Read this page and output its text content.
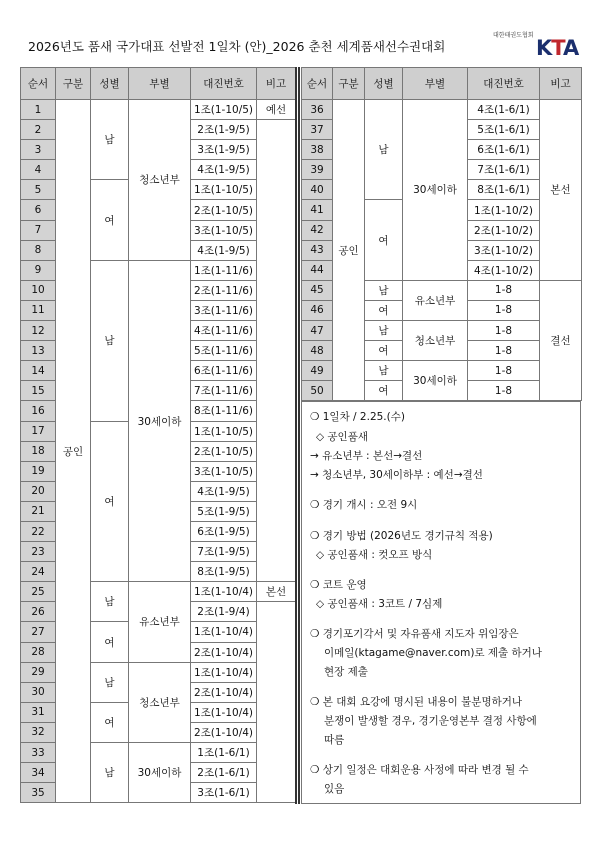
2026년도 품새 국가대표 선발전 1일차 (안)_2026 춘천 세계품새선수권대회
대한태권도협회
KTA
순서	구분	성별	부별	대진번호	비고
1	공인	남	청소년부	1조(1-10/5)	예선
2				2조(1-9/5)	
3				3조(1-9/5)	
4				4조(1-9/5)	
5		여		1조(1-10/5)	
6				2조(1-10/5)	
7				3조(1-10/5)	
8				4조(1-9/5)	
9		남	30세이하	1조(1-11/6)	
10				2조(1-11/6)	
11				3조(1-11/6)	
12				4조(1-11/6)	
13				5조(1-11/6)	
14				6조(1-11/6)	
15				7조(1-11/6)	
16				8조(1-11/6)	
17		여		1조(1-10/5)	
18				2조(1-10/5)	
19				3조(1-10/5)	
20				4조(1-9/5)	
21				5조(1-9/5)	
22				6조(1-9/5)	
23				7조(1-9/5)	
24				8조(1-9/5)	
25		남	유소년부	1조(1-10/4)	본선
26				2조(1-9/4)	
27		여		1조(1-10/4)	
28				2조(1-10/4)	
29		남	청소년부	1조(1-10/4)	
30				2조(1-10/4)	
31		여		1조(1-10/4)	
32				2조(1-10/4)	
33		남	30세이하	1조(1-6/1)	
34				2조(1-6/1)	
35				3조(1-6/1)	
순서	구분	성별	부별	대진번호	비고
36	공인	남	30세이하	4조(1-6/1)	본선
37				5조(1-6/1)	
38				6조(1-6/1)	
39				7조(1-6/1)	
40				8조(1-6/1)	
41		여		1조(1-10/2)	
42				2조(1-10/2)	
43				3조(1-10/2)	
44				4조(1-10/2)	
45		남	유소년부	1-8	결선
46		여		1-8	
47		남	청소년부	1-8	
48		여		1-8	
49		남	30세이하	1-8	
50		여		1-8	
❍ 1일차 / 2.25.(수)
◇ 공인품새
→ 유소년부 : 본선→결선
→ 청소년부, 30세이하부 : 예선→결선
❍ 경기 개시 : 오전 9시
❍ 경기 방법 (2026년도 경기규칙 적용)
◇ 공인품새 : 컷오프 방식
❍ 코트 운영
◇ 공인품새 : 3코트 / 7심제
❍ 경기포기각서 및 자유품새 지도자 위임장은
이메일(ktagame@naver.com)로 제출 하거나
현장 제출
❍ 본 대회 요강에 명시된 내용이 불분명하거나
분쟁이 발생할 경우, 경기운영본부 결정 사항에
따름
❍ 상기 일정은 대회운용 사정에 따라 변경 될 수
있음
